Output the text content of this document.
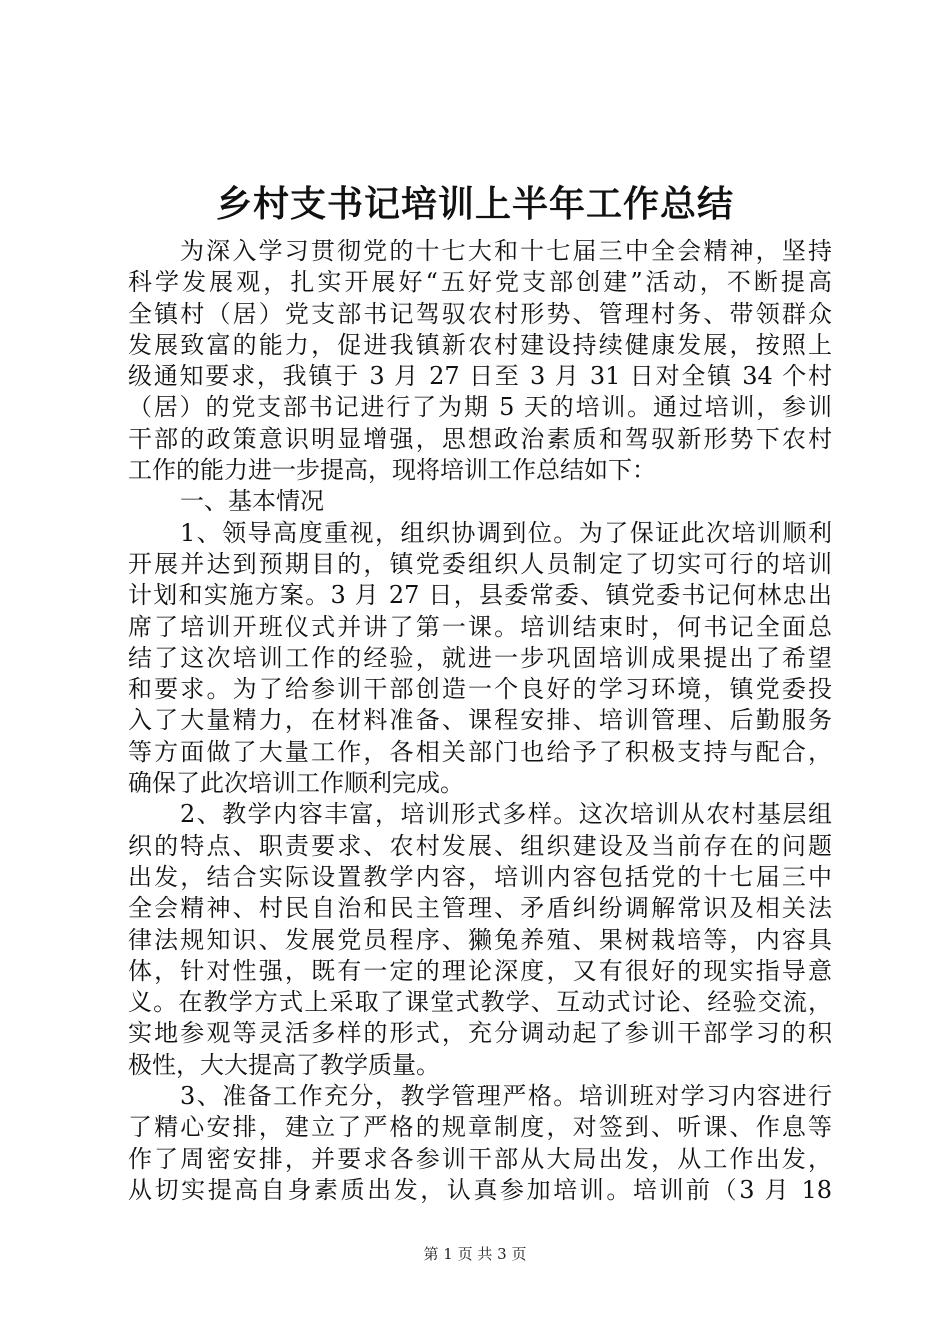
乡村支书记培训上半年工作总结
为深入学习贯彻党的十七大和十七届三中全会精神，坚持
科学发展观，扎实开展好“五好党支部创建”活动，不断提高
全镇村（居）党支部书记驾驭农村形势、管理村务、带领群众
发展致富的能力，促进我镇新农村建设持续健康发展，按照上
级通知要求，我镇于 3 月 27 日至 3 月 31 日对全镇 34 个村
（居）的党支部书记进行了为期 5 天的培训。通过培训，参训
干部的政策意识明显增强，思想政治素质和驾驭新形势下农村
工作的能力进一步提高，现将培训工作总结如下：
一、基本情况
1、领导高度重视，组织协调到位。为了保证此次培训顺利
开展并达到预期目的，镇党委组织人员制定了切实可行的培训
计划和实施方案。3 月 27 日，县委常委、镇党委书记何林忠出
席了培训开班仪式并讲了第一课。培训结束时，何书记全面总
结了这次培训工作的经验，就进一步巩固培训成果提出了希望
和要求。为了给参训干部创造一个良好的学习环境，镇党委投
入了大量精力，在材料准备、课程安排、培训管理、后勤服务
等方面做了大量工作，各相关部门也给予了积极支持与配合，
确保了此次培训工作顺利完成。
2、教学内容丰富，培训形式多样。这次培训从农村基层组
织的特点、职责要求、农村发展、组织建设及当前存在的问题
出发，结合实际设置教学内容，培训内容包括党的十七届三中
全会精神、村民自治和民主管理、矛盾纠纷调解常识及相关法
律法规知识、发展党员程序、獭兔养殖、果树栽培等，内容具
体，针对性强，既有一定的理论深度，又有很好的现实指导意
义。在教学方式上采取了课堂式教学、互动式讨论、经验交流，
实地参观等灵活多样的形式，充分调动起了参训干部学习的积
极性，大大提高了教学质量。
3、准备工作充分，教学管理严格。培训班对学习内容进行
了精心安排，建立了严格的规章制度，对签到、听课、作息等
作了周密安排，并要求各参训干部从大局出发，从工作出发，
从切实提高自身素质出发，认真参加培训。培训前（3 月 18
第 1 页 共 3 页
